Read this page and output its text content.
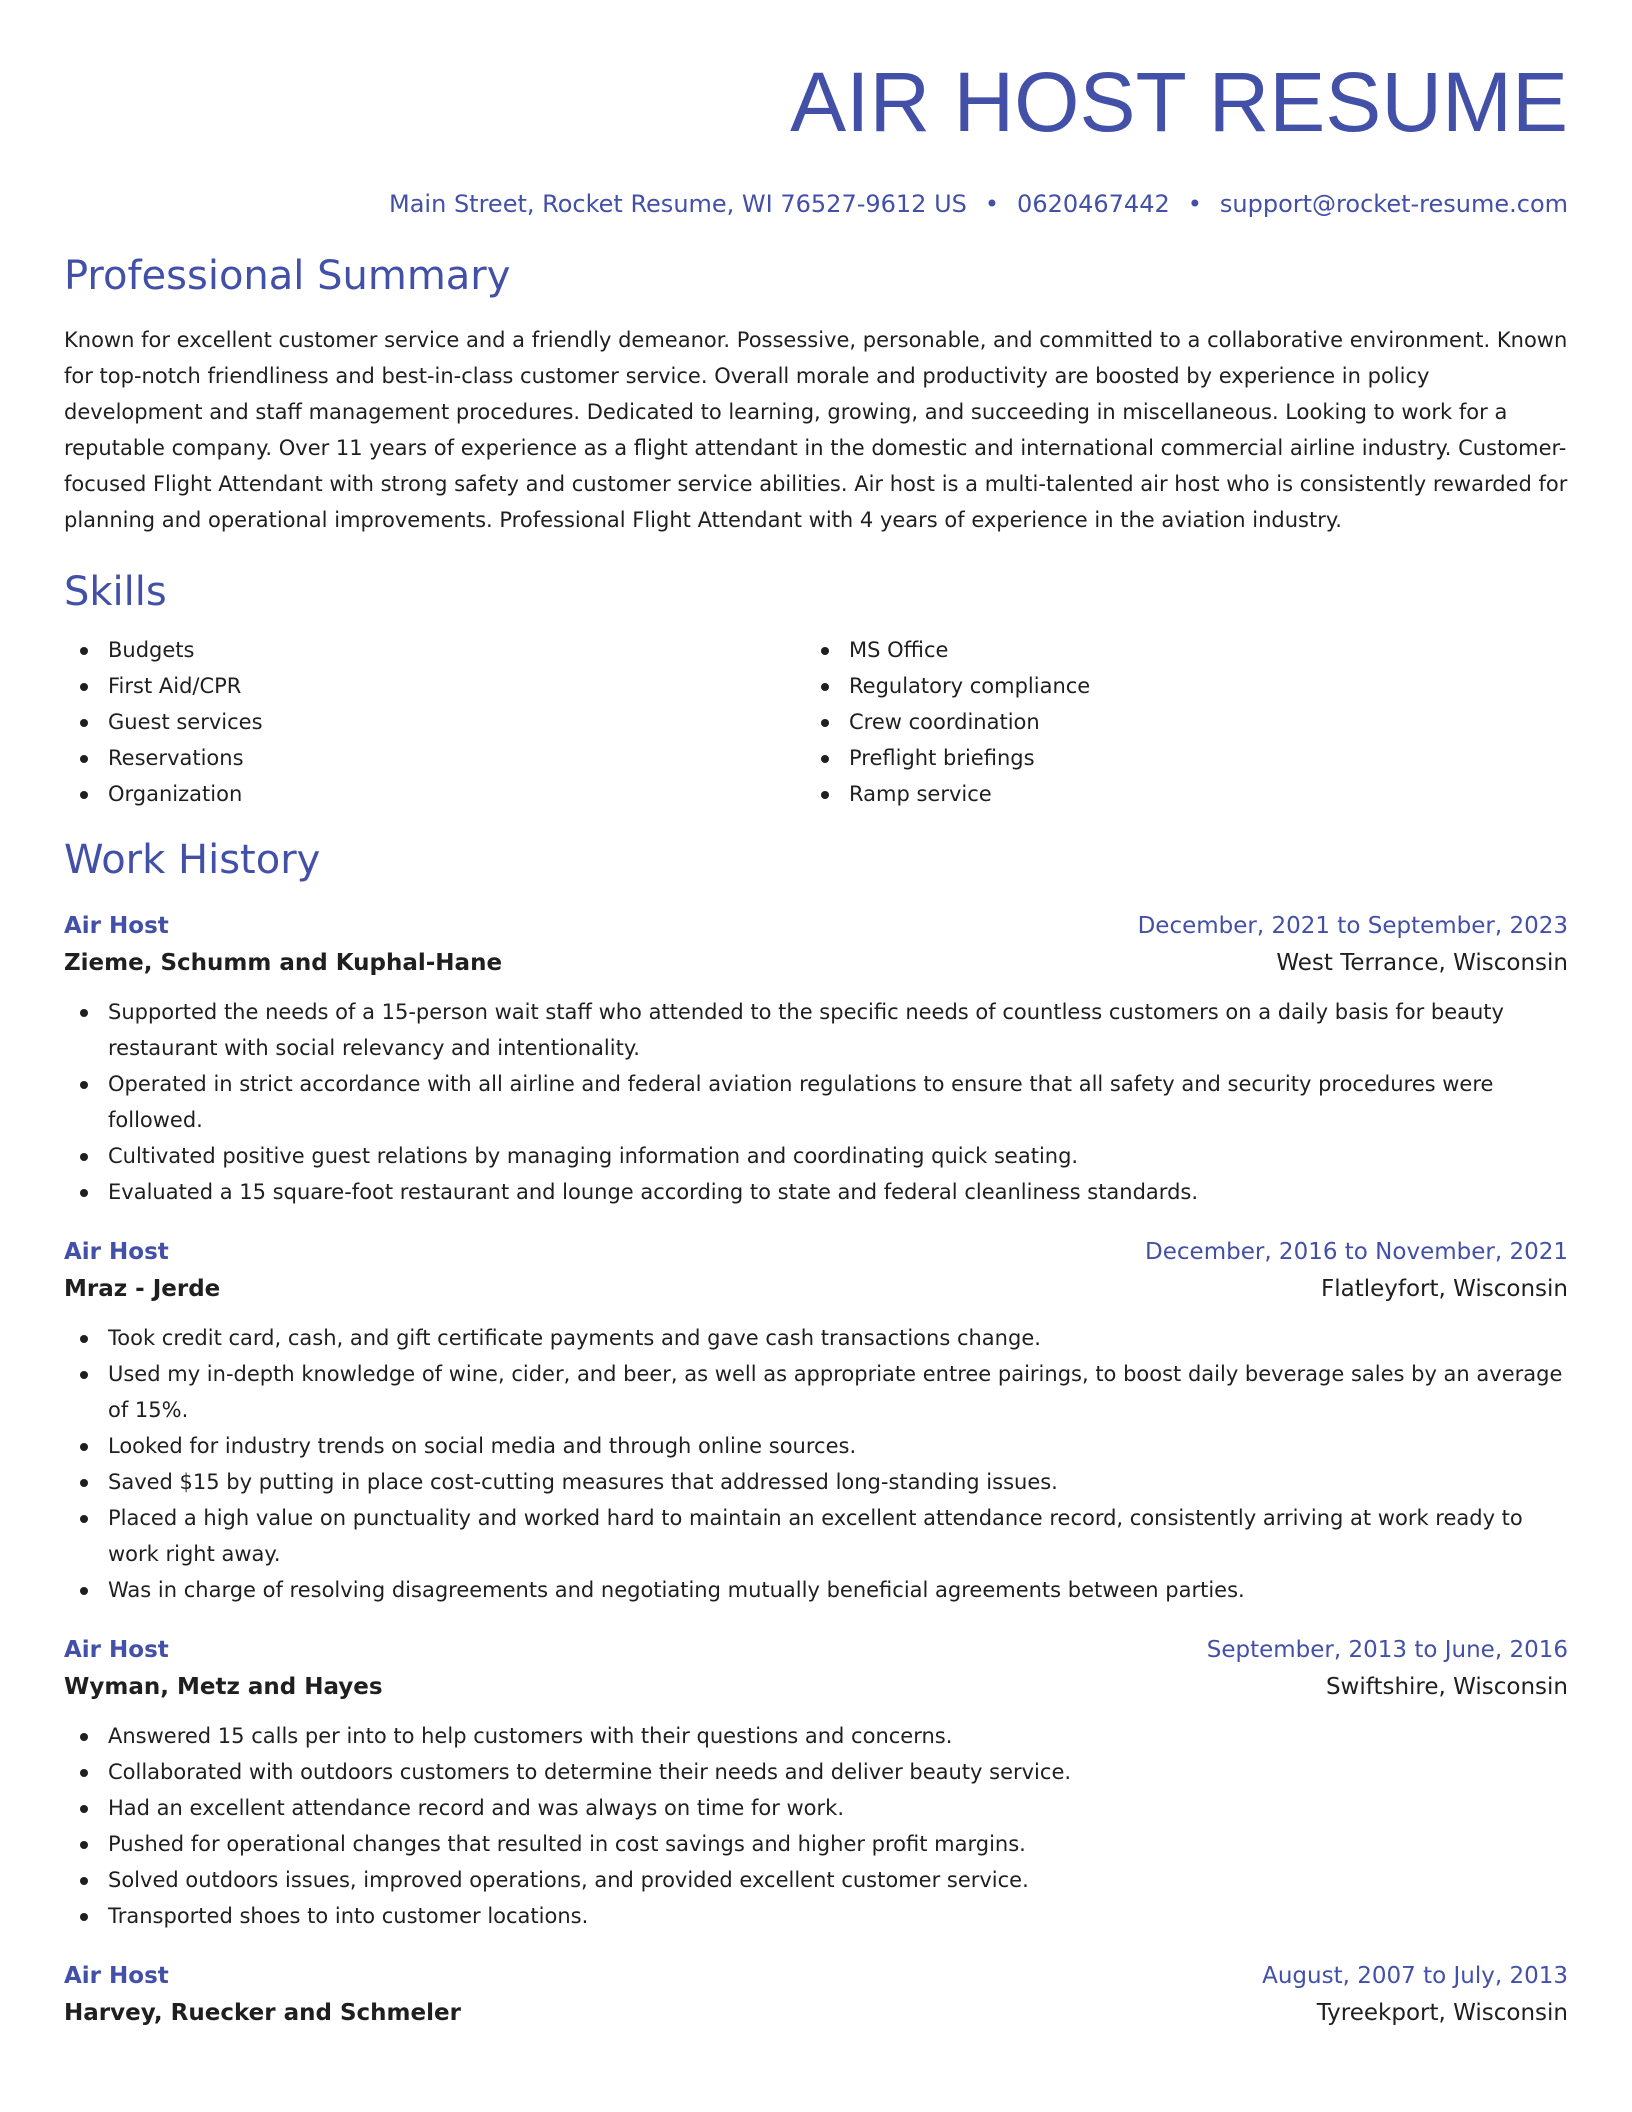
AIR HOST RESUME
Main Street, Rocket Resume, WI 76527-9612 US • 0620467442 • support@rocket-resume.com
Professional Summary

Known for excellent customer service and a friendly demeanor. Possessive, personable, and committed to a collaborative environment. Known for top-notch friendliness and best-in-class customer service. Overall morale and productivity are boosted by experience in policy development and staff management procedures. Dedicated to learning, growing, and succeeding in miscellaneous. Looking to work for a reputable company. Over 11 years of experience as a flight attendant in the domestic and international commercial airline industry. Customer-focused Flight Attendant with strong safety and customer service abilities. Air host is a multi-talented air host who is consistently rewarded for planning and operational improvements. Professional Flight Attendant with 4 years of experience in the aviation industry.

Skills
Budgets
First Aid/CPR
Guest services
Reservations
Organization
MS Office
Regulatory compliance
Crew coordination
Preflight briefings
Ramp service
Work History
Air Host	December, 2021 to September, 2023
Zieme, Schumm and Kuphal-Hane	West Terrance, Wisconsin
Supported the needs of a 15-person wait staff who attended to the specific needs of countless customers on a daily basis for beauty restaurant with social relevancy and intentionality.
Operated in strict accordance with all airline and federal aviation regulations to ensure that all safety and security procedures were followed.
Cultivated positive guest relations by managing information and coordinating quick seating.
Evaluated a 15 square-foot restaurant and lounge according to state and federal cleanliness standards.
Air Host	December, 2016 to November, 2021
Mraz - Jerde	Flatleyfort, Wisconsin
Took credit card, cash, and gift certificate payments and gave cash transactions change.
Used my in-depth knowledge of wine, cider, and beer, as well as appropriate entree pairings, to boost daily beverage sales by an average of 15%.
Looked for industry trends on social media and through online sources.
Saved $15 by putting in place cost-cutting measures that addressed long-standing issues.
Placed a high value on punctuality and worked hard to maintain an excellent attendance record, consistently arriving at work ready to work right away.
Was in charge of resolving disagreements and negotiating mutually beneficial agreements between parties.
Air Host	September, 2013 to June, 2016
Wyman, Metz and Hayes	Swiftshire, Wisconsin
Answered 15 calls per into to help customers with their questions and concerns.
Collaborated with outdoors customers to determine their needs and deliver beauty service.
Had an excellent attendance record and was always on time for work.
Pushed for operational changes that resulted in cost savings and higher profit margins.
Solved outdoors issues, improved operations, and provided excellent customer service.
Transported shoes to into customer locations.
Air Host	August, 2007 to July, 2013
Harvey, Ruecker and Schmeler	Tyreekport, Wisconsin
